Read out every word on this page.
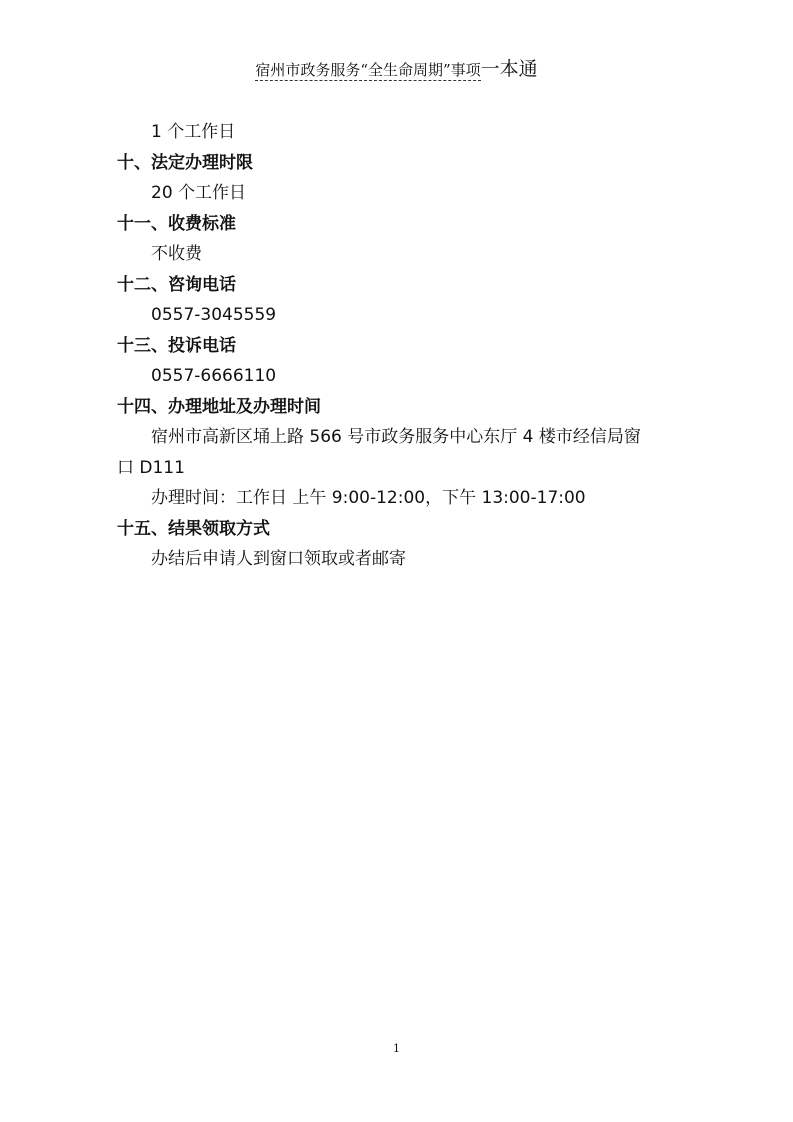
宿州市政务服务“全生命周期”事项一本通
1 个工作日
十、法定办理时限
20 个工作日
十一、收费标准
不收费
十二、咨询电话
0557-3045559
十三、投诉电话
0557-6666110
十四、办理地址及办理时间
宿州市高新区埇上路 566 号市政务服务中心东厅 4 楼市经信局窗
口 D111
办理时间：工作日 上午 9:00-12:00，下午 13:00-17:00
十五、结果领取方式
办结后申请人到窗口领取或者邮寄
1
